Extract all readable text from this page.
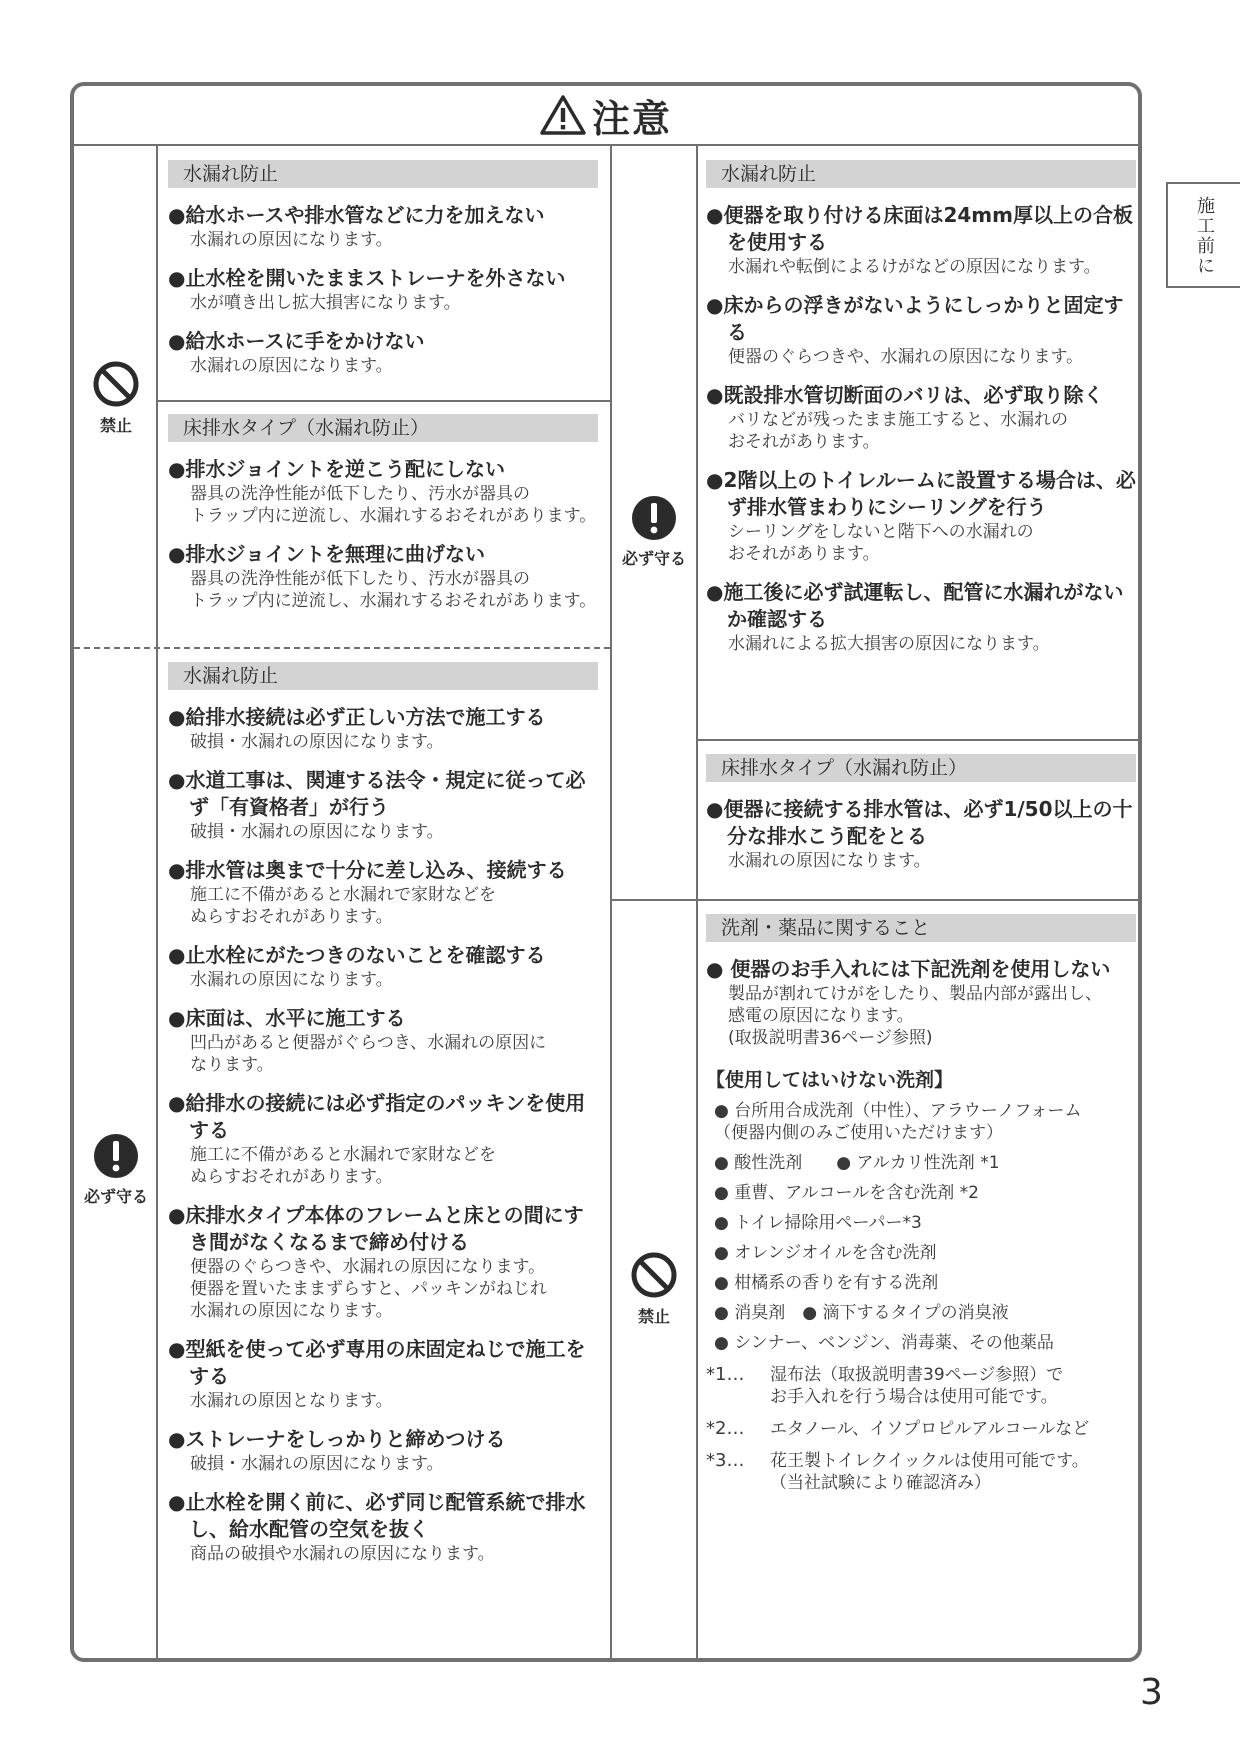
注意
禁止
必ず守る
必ず守る
禁止
水漏れ防止
●給水ホースや排水管などに力を加えない
水漏れの原因になります。
●止水栓を開いたままストレーナを外さない
水が噴き出し拡大損害になります。
●給水ホースに手をかけない
水漏れの原因になります。
床排水タイプ（水漏れ防止）
●排水ジョイントを逆こう配にしない
器具の洗浄性能が低下したり、汚水が器具の
トラップ内に逆流し、水漏れするおそれがあります。
●排水ジョイントを無理に曲げない
器具の洗浄性能が低下したり、汚水が器具の
トラップ内に逆流し、水漏れするおそれがあります。
水漏れ防止
●給排水接続は必ず正しい方法で施工する
破損・水漏れの原因になります。
●水道工事は、関連する法令・規定に従って必ず「有資格者」が行う
破損・水漏れの原因になります。
●排水管は奥まで十分に差し込み、接続する
施工に不備があると水漏れで家財などを
ぬらすおそれがあります。
●止水栓にがたつきのないことを確認する
水漏れの原因になります。
●床面は、水平に施工する
凹凸があると便器がぐらつき、水漏れの原因に
なります。
●給排水の接続には必ず指定のパッキンを使用する
施工に不備があると水漏れで家財などを
ぬらすおそれがあります。
●床排水タイプ本体のフレームと床との間にすき間がなくなるまで締め付ける
便器のぐらつきや、水漏れの原因になります。
便器を置いたままずらすと、パッキンがねじれ
水漏れの原因になります。
●型紙を使って必ず専用の床固定ねじで施工をする
水漏れの原因となります。
●ストレーナをしっかりと締めつける
破損・水漏れの原因になります。
●止水栓を開く前に、必ず同じ配管系統で排水し、給水配管の空気を抜く
商品の破損や水漏れの原因になります。
水漏れ防止
●便器を取り付ける床面は24mm厚以上の合板を使用する
水漏れや転倒によるけがなどの原因になります。
●床からの浮きがないようにしっかりと固定する
便器のぐらつきや、水漏れの原因になります。
●既設排水管切断面のバリは、必ず取り除く
バリなどが残ったまま施工すると、水漏れの
おそれがあります。
●2階以上のトイレルームに設置する場合は、必ず排水管まわりにシーリングを行う
シーリングをしないと階下への水漏れの
おそれがあります。
●施工後に必ず試運転し、配管に水漏れがないか確認する
水漏れによる拡大損害の原因になります。
床排水タイプ（水漏れ防止）
●便器に接続する排水管は、必ず1/50以上の十分な排水こう配をとる
水漏れの原因になります。
洗剤・薬品に関すること
● 便器のお手入れには下記洗剤を使用しない
製品が割れてけがをしたり、製品内部が露出し、
感電の原因になります。
(取扱説明書36ページ参照)
【使用してはいけない洗剤】
● 台所用合成洗剤（中性）、アラウーノフォーム
（便器内側のみご使用いただけます）
● 酸性洗剤　　● アルカリ性洗剤 *1
● 重曹、アルコールを含む洗剤 *2
● トイレ掃除用ペーパー*3
● オレンジオイルを含む洗剤
● 柑橘系の香りを有する洗剤
● 消臭剤　● 滴下するタイプの消臭液
● シンナー、ベンジン、消毒薬、その他薬品
*1…	湿布法（取扱説明書39ページ参照）で
お手入れを行う場合は使用可能です。
*2…	エタノール、イソプロピルアルコールなど
*3…	花王製トイレクイックルは使用可能です。
（当社試験により確認済み）
施工前に
3
